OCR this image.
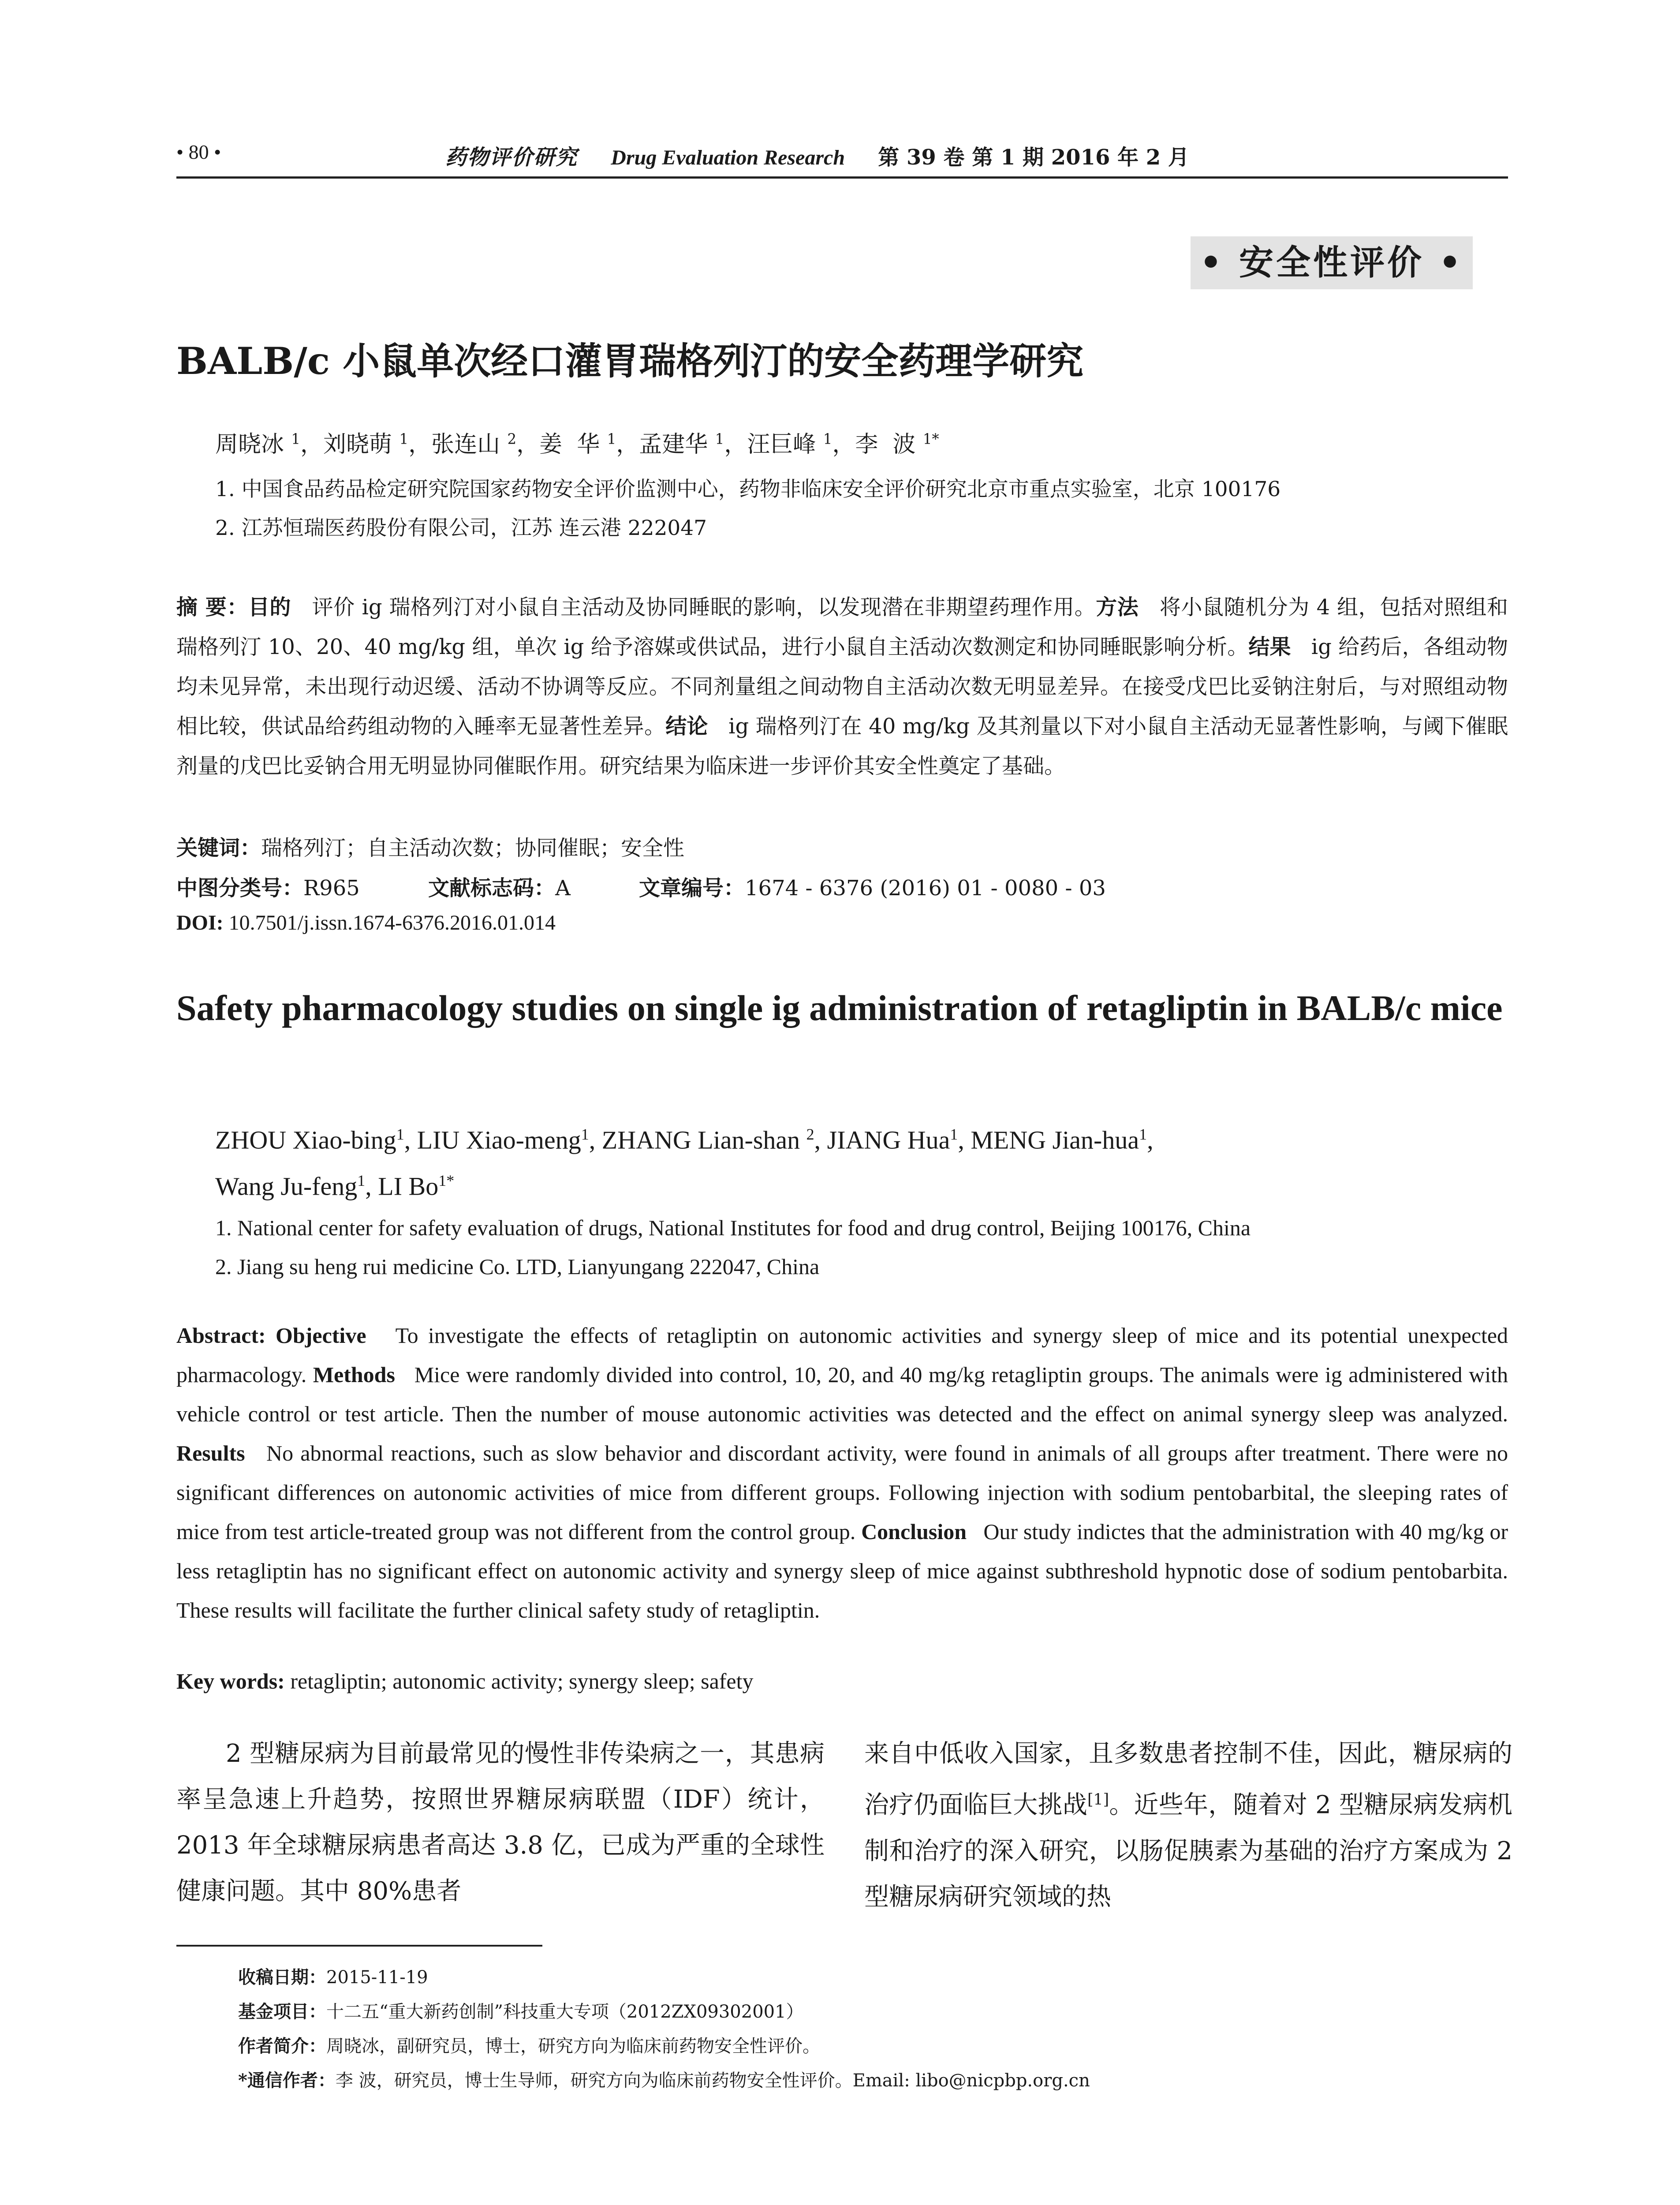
• 80 •	药物评价研究 Drug Evaluation Research 第 39 卷 第 1 期 2016 年 2 月
• 安全性评价 •
BALB/c 小鼠单次经口灌胃瑞格列汀的安全药理学研究
周晓冰 $^1$，刘晓萌 $^1$，张连山 $^2$，姜  华 $^1$，孟建华 $^1$，汪巨峰 $^1$，李  波 $^{1*}$
1. 中国食品药品检定研究院国家药物安全评价监测中心，药物非临床安全评价研究北京市重点实验室，北京 100176
2. 江苏恒瑞医药股份有限公司，江苏 连云港 222047
摘 要：目的 评价 ig 瑞格列汀对小鼠自主活动及协同睡眠的影响，以发现潜在非期望药理作用。方法 将小鼠随机分为 4 组，包括对照组和瑞格列汀 10、20、40 mg/kg 组，单次 ig 给予溶媒或供试品，进行小鼠自主活动次数测定和协同睡眠影响分析。结果 ig 给药后，各组动物均未见异常，未出现行动迟缓、活动不协调等反应。不同剂量组之间动物自主活动次数无明显差异。在接受戊巴比妥钠注射后，与对照组动物相比较，供试品给药组动物的入睡率无显著性差异。结论 ig 瑞格列汀在 40 mg/kg 及其剂量以下对小鼠自主活动无显著性影响，与阈下催眠剂量的戊巴比妥钠合用无明显协同催眠作用。研究结果为临床进一步评价其安全性奠定了基础。
关键词：瑞格列汀；自主活动次数；协同催眠；安全性
中图分类号：R965	文献标志码：A	文章编号：1674 - 6376 (2016) 01 - 0080 - 03
DOI: 10.7501/j.issn.1674-6376.2016.01.014
Safety pharmacology studies on single ig administration of retagliptin in BALB/c mice
ZHOU Xiao-bing$^1$, LIU Xiao-meng$^1$, ZHANG Lian-shan $^2$, JIANG Hua$^1$, MENG Jian-hua$^1$,
Wang Ju-feng$^1$, LI $Bo^{1*}$
1. National center for safety evaluation of drugs, National Institutes for food and drug control, Beijing 100176, China
2. Jiang su heng rui medicine Co. LTD, Lianyungang 222047, China
Abstract: Objective To investigate the effects of retagliptin on autonomic activities and synergy sleep of mice and its potential unexpected pharmacology. Methods Mice were randomly divided into control, 10, 20, and 40 mg/kg retagliptin groups. The animals were ig administered with vehicle control or test article. Then the number of mouse autonomic activities was detected and the effect on animal synergy sleep was analyzed. Results No abnormal reactions, such as slow behavior and discordant activity, were found in animals of all groups after treatment. There were no significant differences on autonomic activities of mice from different groups. Following injection with sodium pentobarbital, the sleeping rates of mice from test article-treated group was not different from the control group. Conclusion Our study indictes that the administration with 40 mg/kg or less retagliptin has no significant effect on autonomic activity and synergy sleep of mice against subthreshold hypnotic dose of sodium pentobarbita. These results will facilitate the further clinical safety study of retagliptin.
Key words: retagliptin; autonomic activity; synergy sleep; safety
2 型糖尿病为目前最常见的慢性非传染病之一，其患病率呈急速上升趋势，按照世界糖尿病联盟（IDF）统计，2013 年全球糖尿病患者高达 3.8 亿，已成为严重的全球性健康问题。其中 80%患者
来自中低收入国家，且多数患者控制不佳，因此，糖尿病的治疗仍面临巨大挑战[1]。近些年，随着对 2 型糖尿病发病机制和治疗的深入研究，以肠促胰素为基础的治疗方案成为 2 型糖尿病研究领域的热
收稿日期：2015-11-19
基金项目：十二五“重大新药创制”科技重大专项（2012ZX09302001）
作者简介：周晓冰，副研究员，博士，研究方向为临床前药物安全性评价。
*通信作者：李 波，研究员，博士生导师，研究方向为临床前药物安全性评价。Email: libo@nicpbp.org.cn
